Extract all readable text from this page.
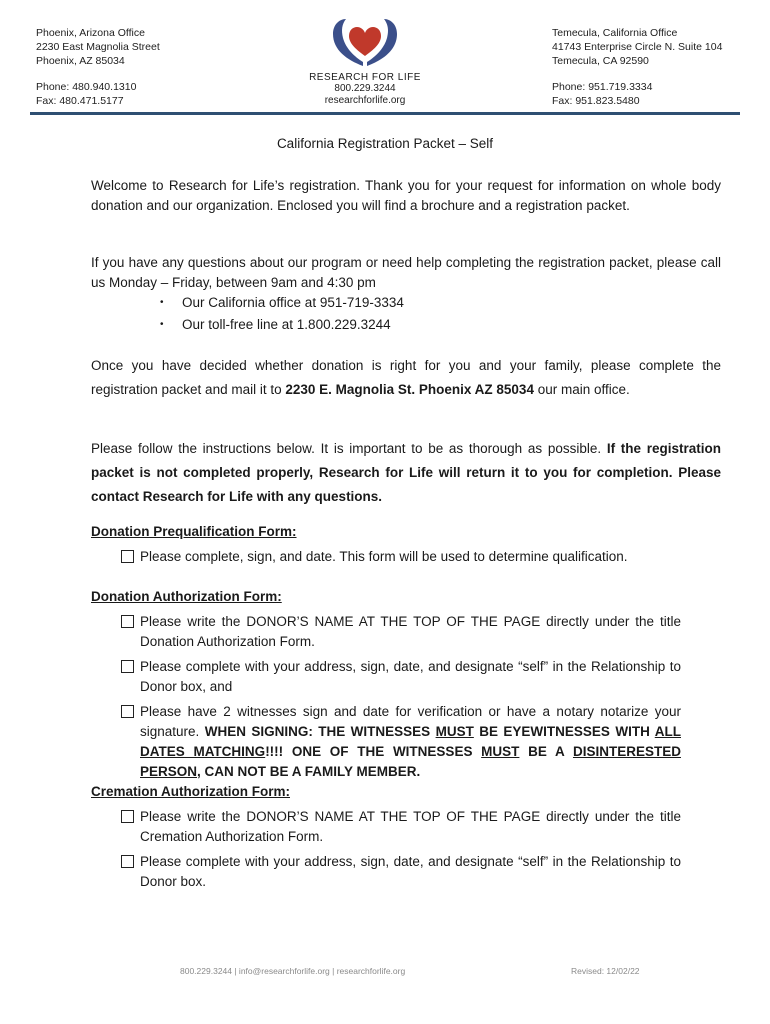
Phoenix, Arizona Office
2230 East Magnolia Street
Phoenix, AZ 85034
Phone: 480.940.1310
Fax: 480.471.5177
RESEARCH FOR LIFE
800.229.3244
researchforlife.org
Temecula, California Office
41743 Enterprise Circle N. Suite 104
Temecula, CA 92590
Phone: 951.719.3334
Fax: 951.823.5480
California Registration Packet – Self
Welcome to Research for Life’s registration. Thank you for your request for information on whole body donation and our organization. Enclosed you will find a brochure and a registration packet.
If you have any questions about our program or need help completing the registration packet, please call us Monday – Friday, between 9am and 4:30 pm
• Our California office at 951-719-3334
• Our toll-free line at 1.800.229.3244
Once you have decided whether donation is right for you and your family, please complete the registration packet and mail it to 2230 E. Magnolia St. Phoenix AZ 85034 our main office.
Please follow the instructions below. It is important to be as thorough as possible. If the registration packet is not completed properly, Research for Life will return it to you for completion. Please contact Research for Life with any questions.
Donation Prequalification Form:
Please complete, sign, and date. This form will be used to determine qualification.
Donation Authorization Form:
Please write the DONOR’S NAME AT THE TOP OF THE PAGE directly under the title Donation Authorization Form.
Please complete with your address, sign, date, and designate “self” in the Relationship to Donor box, and
Please have 2 witnesses sign and date for verification or have a notary notarize your signature. WHEN SIGNING: THE WITNESSES MUST BE EYEWITNESSES WITH ALL DATES MATCHING!!!! ONE OF THE WITNESSES MUST BE A DISINTERESTED PERSON, CAN NOT BE A FAMILY MEMBER.
Cremation Authorization Form:
Please write the DONOR’S NAME AT THE TOP OF THE PAGE directly under the title Cremation Authorization Form.
Please complete with your address, sign, date, and designate “self” in the Relationship to Donor box.
800.229.3244 | info@researchforlife.org | researchforlife.org	Revised: 12/02/22
